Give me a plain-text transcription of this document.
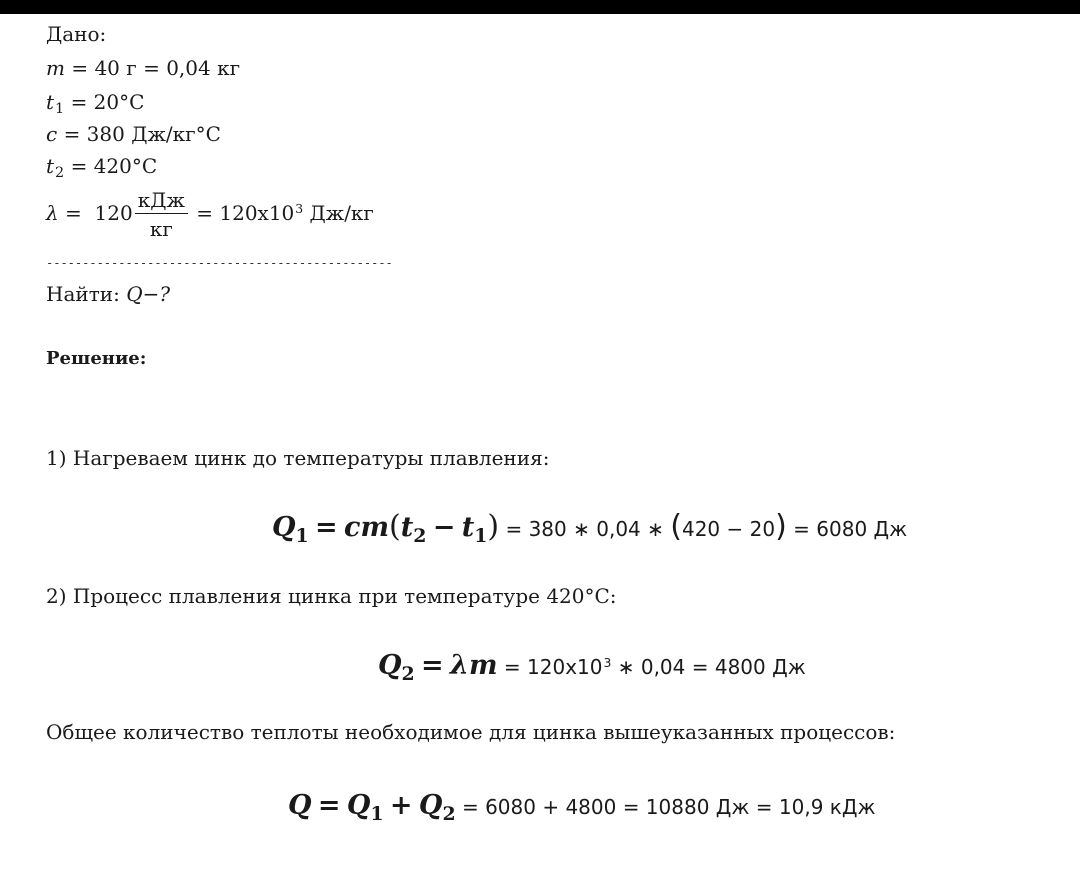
Дано:
m = 40 г = 0,04 кг
$t_1 = 20^\circ C$
c = 380 Дж/кг°C
$t_2 = 420^\circ C$
$\lambda = 120 \frac{\text{кДж}}{кг} = 120x10^3$ Дж/кг
------------------------------------------------
Найти: Q−?
Решение:
1) Нагреваем цинк до температуры плавления:
$Q_1 = cm(t_2 - t_1) = 380$ ∗ 0,04 ∗ (420 − 20) = 6080 Дж
2) Процесс плавления цинка при температуре 420°C:
$Q_2 = \lambda m = 120x10^3$ ∗ 0,04 = 4800 Дж
Общее количество теплоты необходимое для цинка вышеуказанных процессов:
$Q = Q_1 + Q_2 = 6080 + 4800 = 10880$ Дж = 10,9 кДж
